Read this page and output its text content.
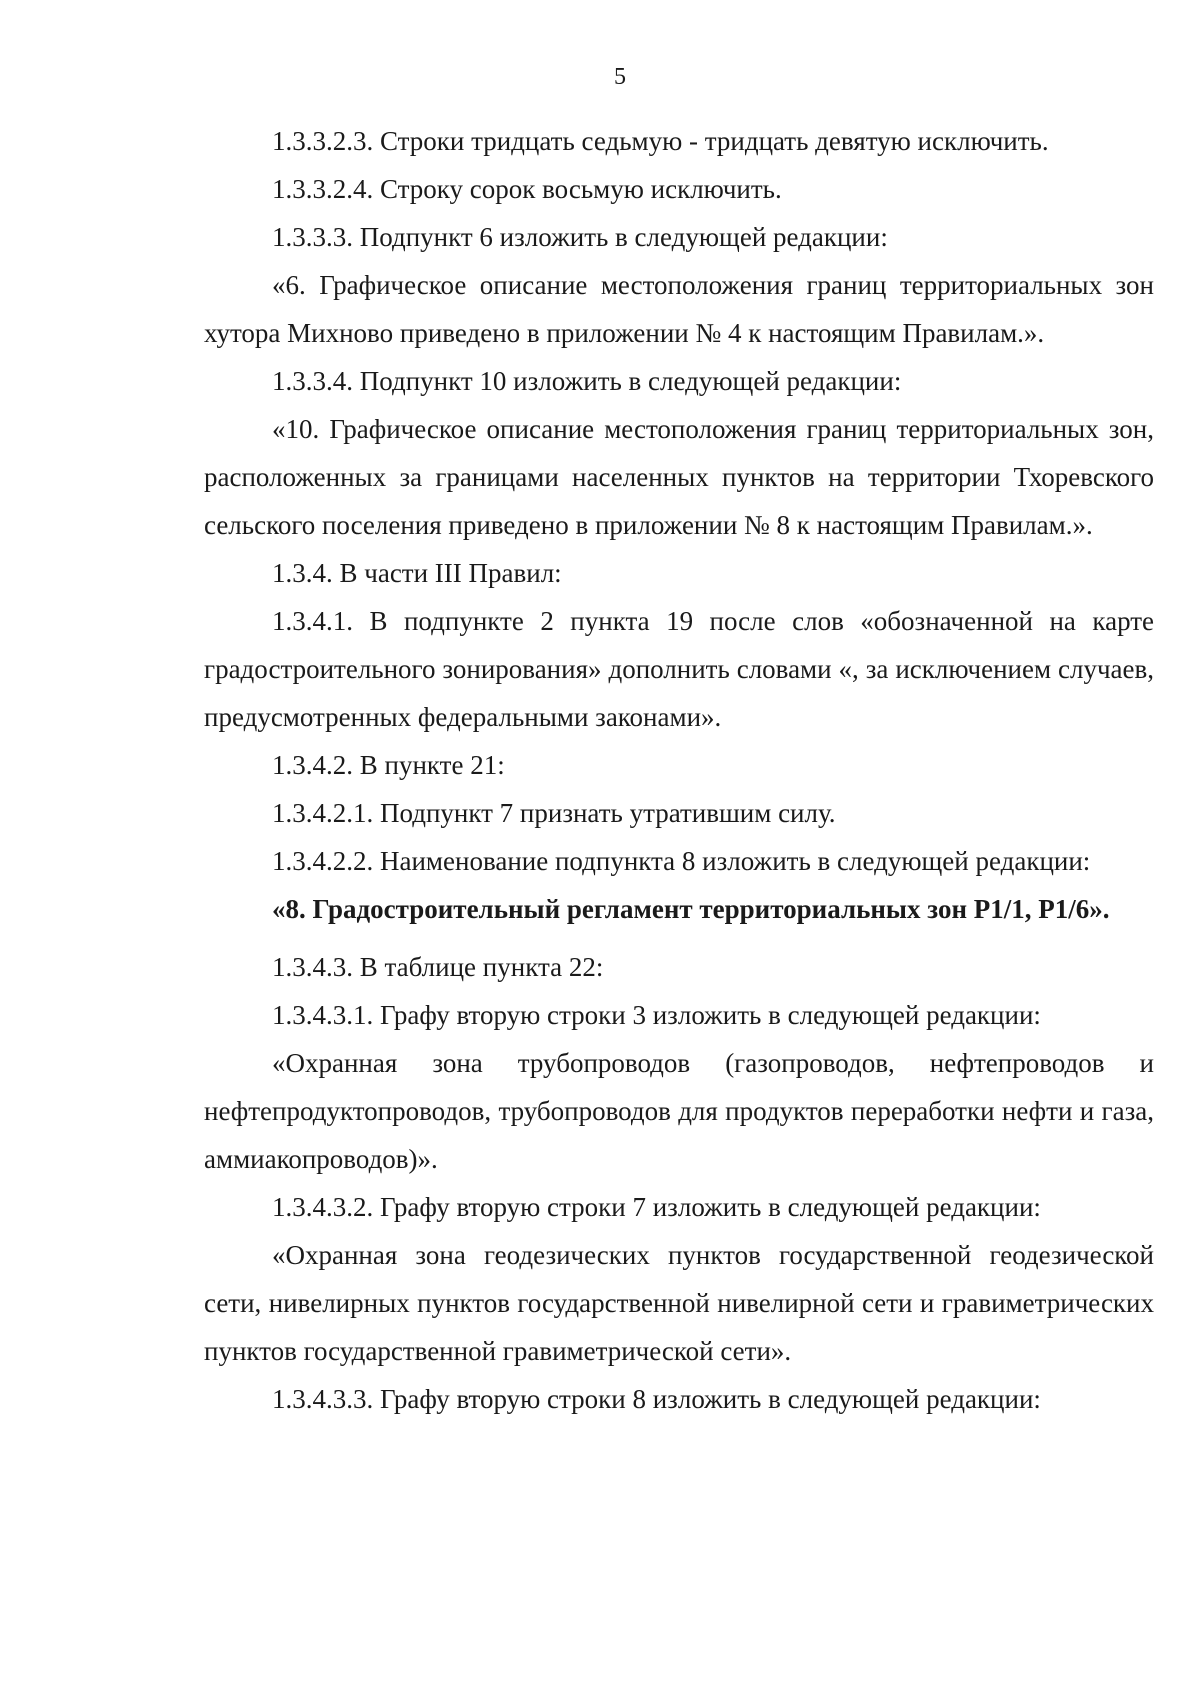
5

1.3.3.2.3. Строки тридцать седьмую - тридцать девятую исключить.

1.3.3.2.4. Строку сорок восьмую исключить.

1.3.3.3. Подпункт 6 изложить в следующей редакции:

«6. Графическое описание местоположения границ территориальных зон хутора Михново приведено в приложении № 4 к настоящим Правилам.».

1.3.3.4. Подпункт 10 изложить в следующей редакции:

«10. Графическое описание местоположения границ территориальных зон, расположенных за границами населенных пунктов на территории Тхоревского сельского поселения приведено в приложении № 8 к настоящим Правилам.».

1.3.4. В части III Правил:

1.3.4.1. В подпункте 2 пункта 19 после слов «обозначенной на карте градостроительного зонирования» дополнить словами «, за исключением случаев, предусмотренных федеральными законами».

1.3.4.2. В пункте 21:

1.3.4.2.1. Подпункт 7 признать утратившим силу.

1.3.4.2.2. Наименование подпункта 8 изложить в следующей редакции:

«8. Градостроительный регламент территориальных зон Р1/1, Р1/6».

1.3.4.3. В таблице пункта 22:

1.3.4.3.1. Графу вторую строки 3 изложить в следующей редакции:

«Охранная зона трубопроводов (газопроводов, нефтепроводов и нефтепродуктопроводов, трубопроводов для продуктов переработки нефти и газа, аммиакопроводов)».

1.3.4.3.2. Графу вторую строки 7 изложить в следующей редакции:

«Охранная зона геодезических пунктов государственной геодезической сети, нивелирных пунктов государственной нивелирной сети и гравиметрических пунктов государственной гравиметрической сети».

1.3.4.3.3. Графу вторую строки 8 изложить в следующей редакции:
